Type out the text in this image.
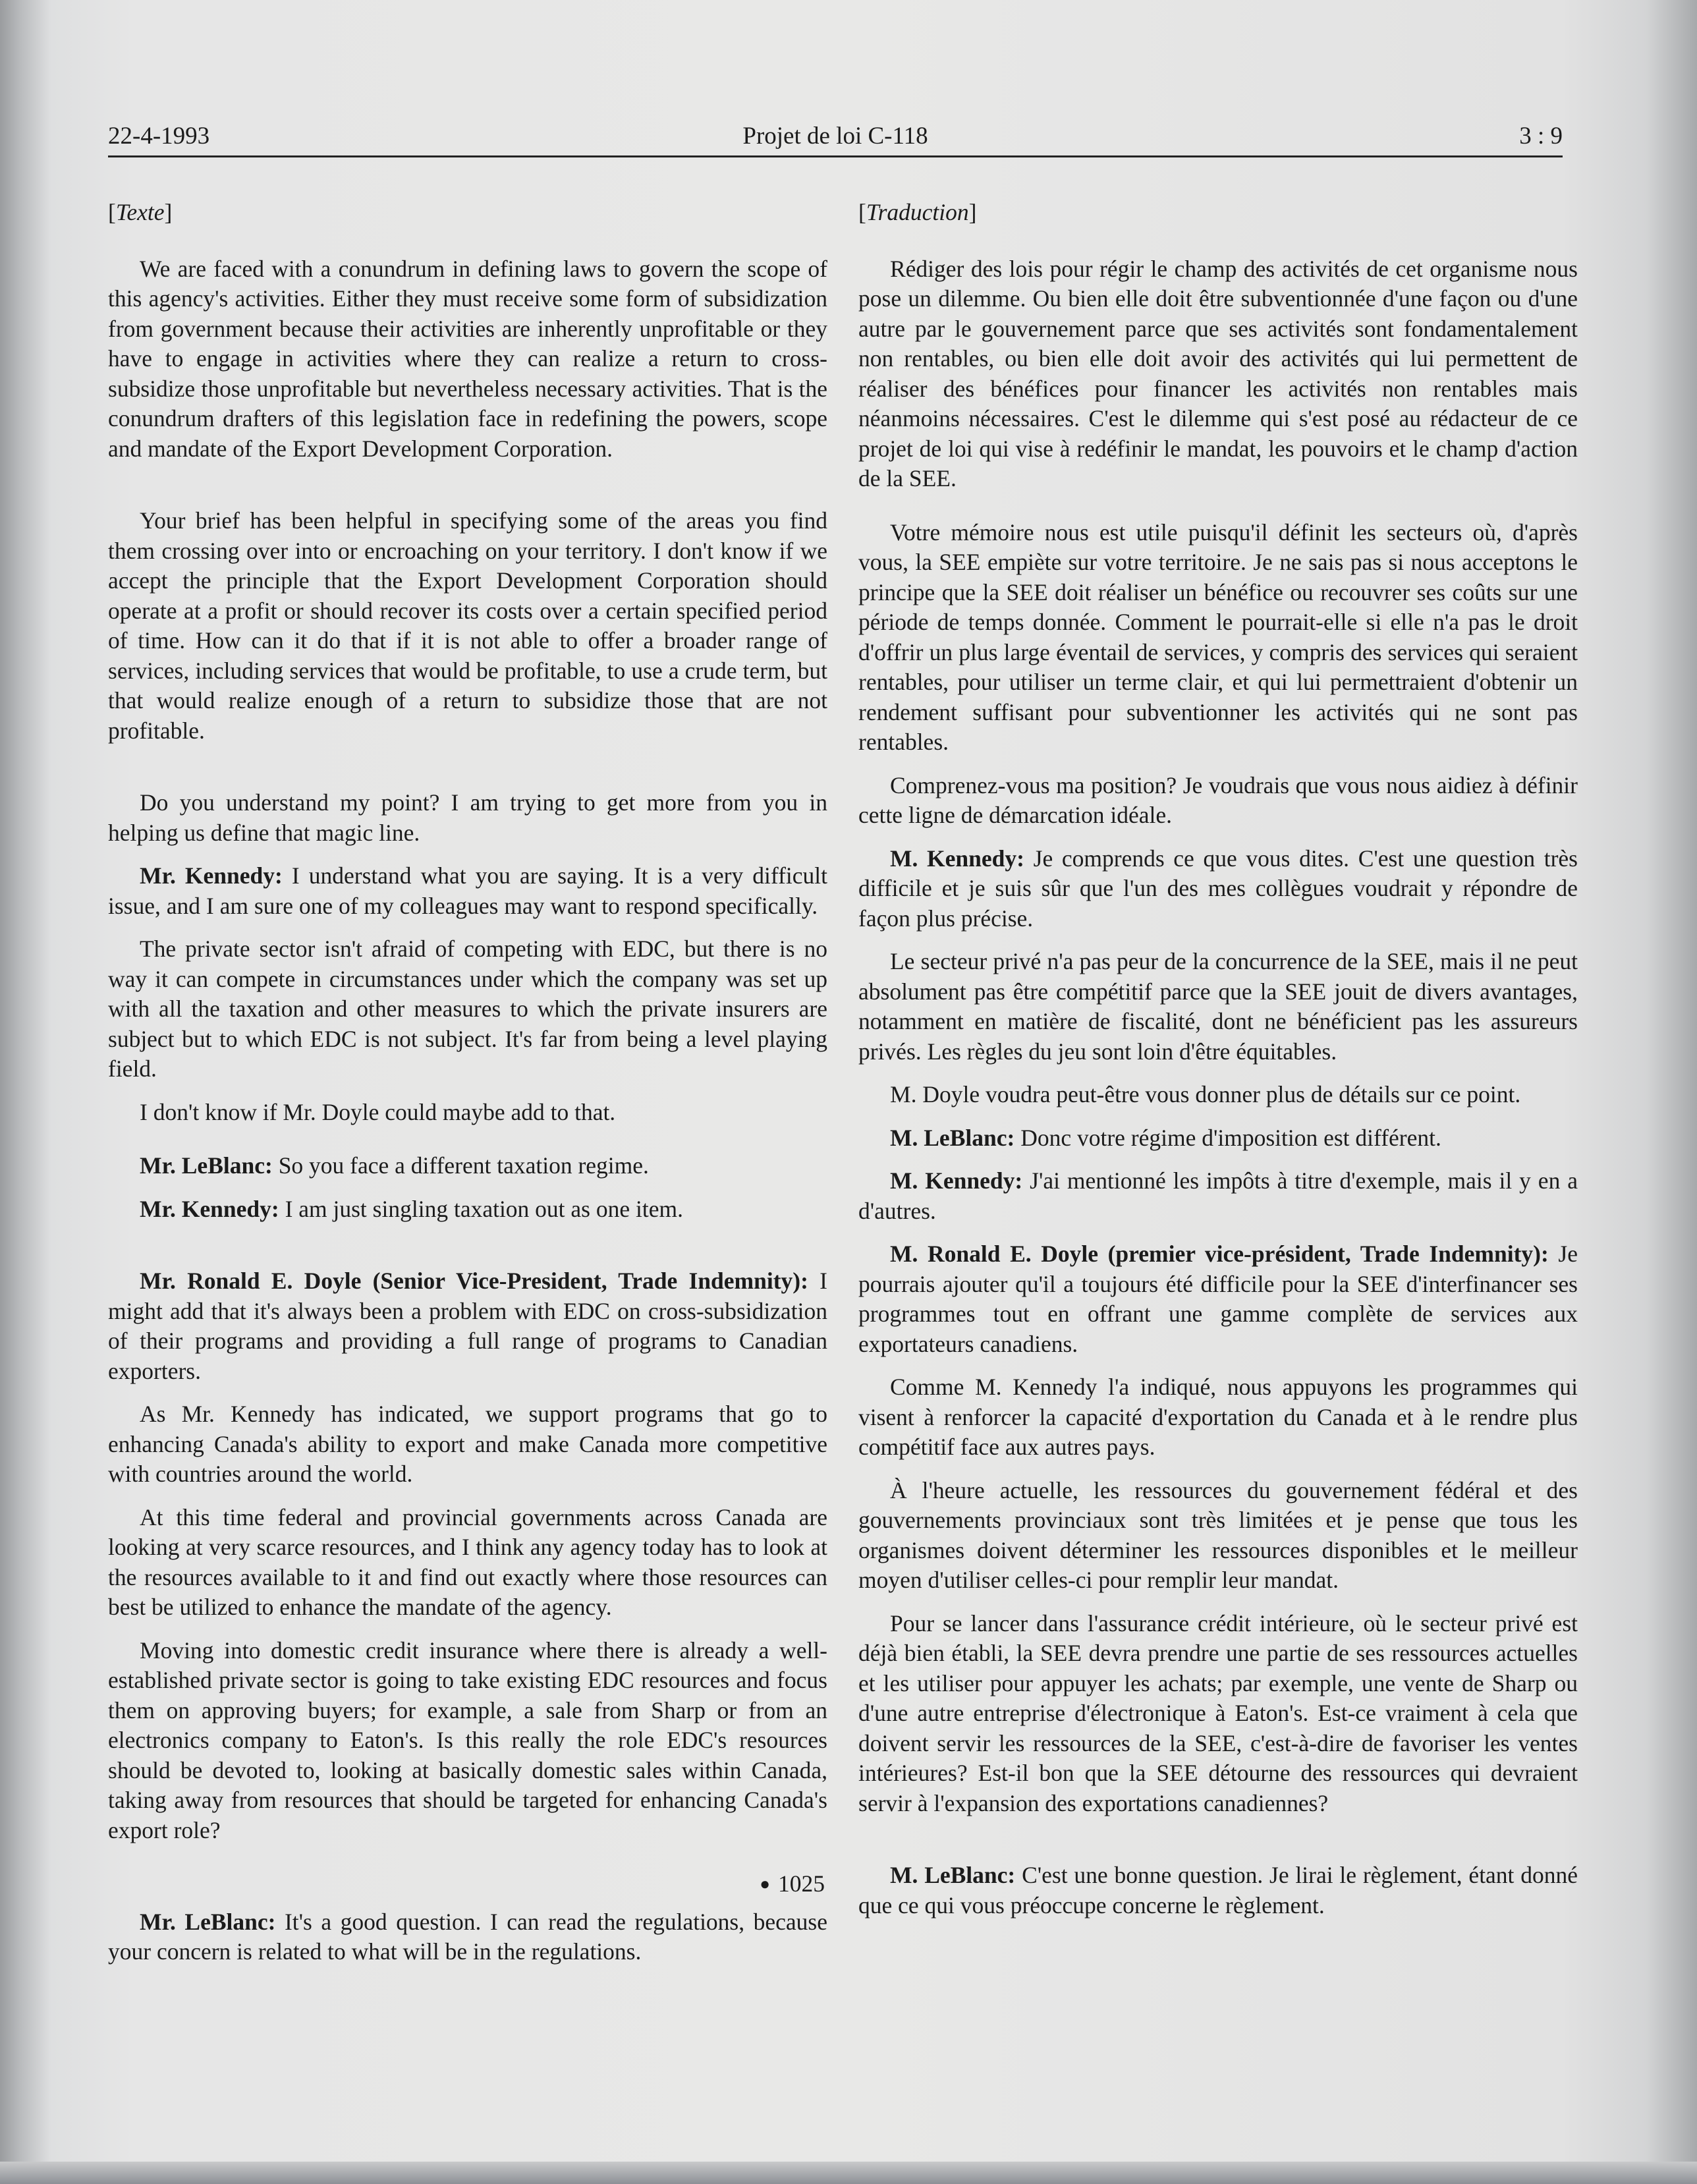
22-4-1993	Projet de loi C-118	3 : 9

[Texte]

We are faced with a conundrum in defining laws to govern the scope of this agency's activities. Either they must receive some form of subsidization from government because their activities are inherently unprofitable or they have to engage in activities where they can realize a return to cross-subsidize those unprofitable but nevertheless necessary activities. That is the conundrum drafters of this legislation face in redefining the powers, scope and mandate of the Export Development Corporation.

Your brief has been helpful in specifying some of the areas you find them crossing over into or encroaching on your territory. I don't know if we accept the principle that the Export Development Corporation should operate at a profit or should recover its costs over a certain specified period of time. How can it do that if it is not able to offer a broader range of services, including services that would be profitable, to use a crude term, but that would realize enough of a return to subsidize those that are not profitable.

Do you understand my point? I am trying to get more from you in helping us define that magic line.

Mr. Kennedy: I understand what you are saying. It is a very difficult issue, and I am sure one of my colleagues may want to respond specifically.

The private sector isn't afraid of competing with EDC, but there is no way it can compete in circumstances under which the company was set up with all the taxation and other measures to which the private insurers are subject but to which EDC is not subject. It's far from being a level playing field.

I don't know if Mr. Doyle could maybe add to that.

Mr. LeBlanc: So you face a different taxation regime.

Mr. Kennedy: I am just singling taxation out as one item.

Mr. Ronald E. Doyle (Senior Vice-President, Trade Indemnity): I might add that it's always been a problem with EDC on cross-subsidization of their programs and providing a full range of programs to Canadian exporters.

As Mr. Kennedy has indicated, we support programs that go to enhancing Canada's ability to export and make Canada more competitive with countries around the world.

At this time federal and provincial governments across Canada are looking at very scarce resources, and I think any agency today has to look at the resources available to it and find out exactly where those resources can best be utilized to enhance the mandate of the agency.

Moving into domestic credit insurance where there is already a well-established private sector is going to take existing EDC resources and focus them on approving buyers; for example, a sale from Sharp or from an electronics company to Eaton's. Is this really the role EDC's resources should be devoted to, looking at basically domestic sales within Canada, taking away from resources that should be targeted for enhancing Canada's export role?

● 1025

Mr. LeBlanc: It's a good question. I can read the regulations, because your concern is related to what will be in the regulations.

[Traduction]

Rédiger des lois pour régir le champ des activités de cet organisme nous pose un dilemme. Ou bien elle doit être subventionnée d'une façon ou d'une autre par le gouvernement parce que ses activités sont fondamentalement non rentables, ou bien elle doit avoir des activités qui lui permettent de réaliser des bénéfices pour financer les activités non rentables mais néanmoins nécessaires. C'est le dilemme qui s'est posé au rédacteur de ce projet de loi qui vise à redéfinir le mandat, les pouvoirs et le champ d'action de la SEE.

Votre mémoire nous est utile puisqu'il définit les secteurs où, d'après vous, la SEE empiète sur votre territoire. Je ne sais pas si nous acceptons le principe que la SEE doit réaliser un bénéfice ou recouvrer ses coûts sur une période de temps donnée. Comment le pourrait-elle si elle n'a pas le droit d'offrir un plus large éventail de services, y compris des services qui seraient rentables, pour utiliser un terme clair, et qui lui permettraient d'obtenir un rendement suffisant pour subventionner les activités qui ne sont pas rentables.

Comprenez-vous ma position? Je voudrais que vous nous aidiez à définir cette ligne de démarcation idéale.

M. Kennedy: Je comprends ce que vous dites. C'est une question très difficile et je suis sûr que l'un des mes collègues voudrait y répondre de façon plus précise.

Le secteur privé n'a pas peur de la concurrence de la SEE, mais il ne peut absolument pas être compétitif parce que la SEE jouit de divers avantages, notamment en matière de fiscalité, dont ne bénéficient pas les assureurs privés. Les règles du jeu sont loin d'être équitables.

M. Doyle voudra peut-être vous donner plus de détails sur ce point.

M. LeBlanc: Donc votre régime d'imposition est différent.

M. Kennedy: J'ai mentionné les impôts à titre d'exemple, mais il y en a d'autres.

M. Ronald E. Doyle (premier vice-président, Trade Indemnity): Je pourrais ajouter qu'il a toujours été difficile pour la SEE d'interfinancer ses programmes tout en offrant une gamme complète de services aux exportateurs canadiens.

Comme M. Kennedy l'a indiqué, nous appuyons les programmes qui visent à renforcer la capacité d'exportation du Canada et à le rendre plus compétitif face aux autres pays.

À l'heure actuelle, les ressources du gouvernement fédéral et des gouvernements provinciaux sont très limitées et je pense que tous les organismes doivent déterminer les ressources disponibles et le meilleur moyen d'utiliser celles-ci pour remplir leur mandat.

Pour se lancer dans l'assurance crédit intérieure, où le secteur privé est déjà bien établi, la SEE devra prendre une partie de ses ressources actuelles et les utiliser pour appuyer les achats; par exemple, une vente de Sharp ou d'une autre entreprise d'électronique à Eaton's. Est-ce vraiment à cela que doivent servir les ressources de la SEE, c'est-à-dire de favoriser les ventes intérieures? Est-il bon que la SEE détourne des ressources qui devraient servir à l'expansion des exportations canadiennes?

M. LeBlanc: C'est une bonne question. Je lirai le règlement, étant donné que ce qui vous préoccupe concerne le règlement.
